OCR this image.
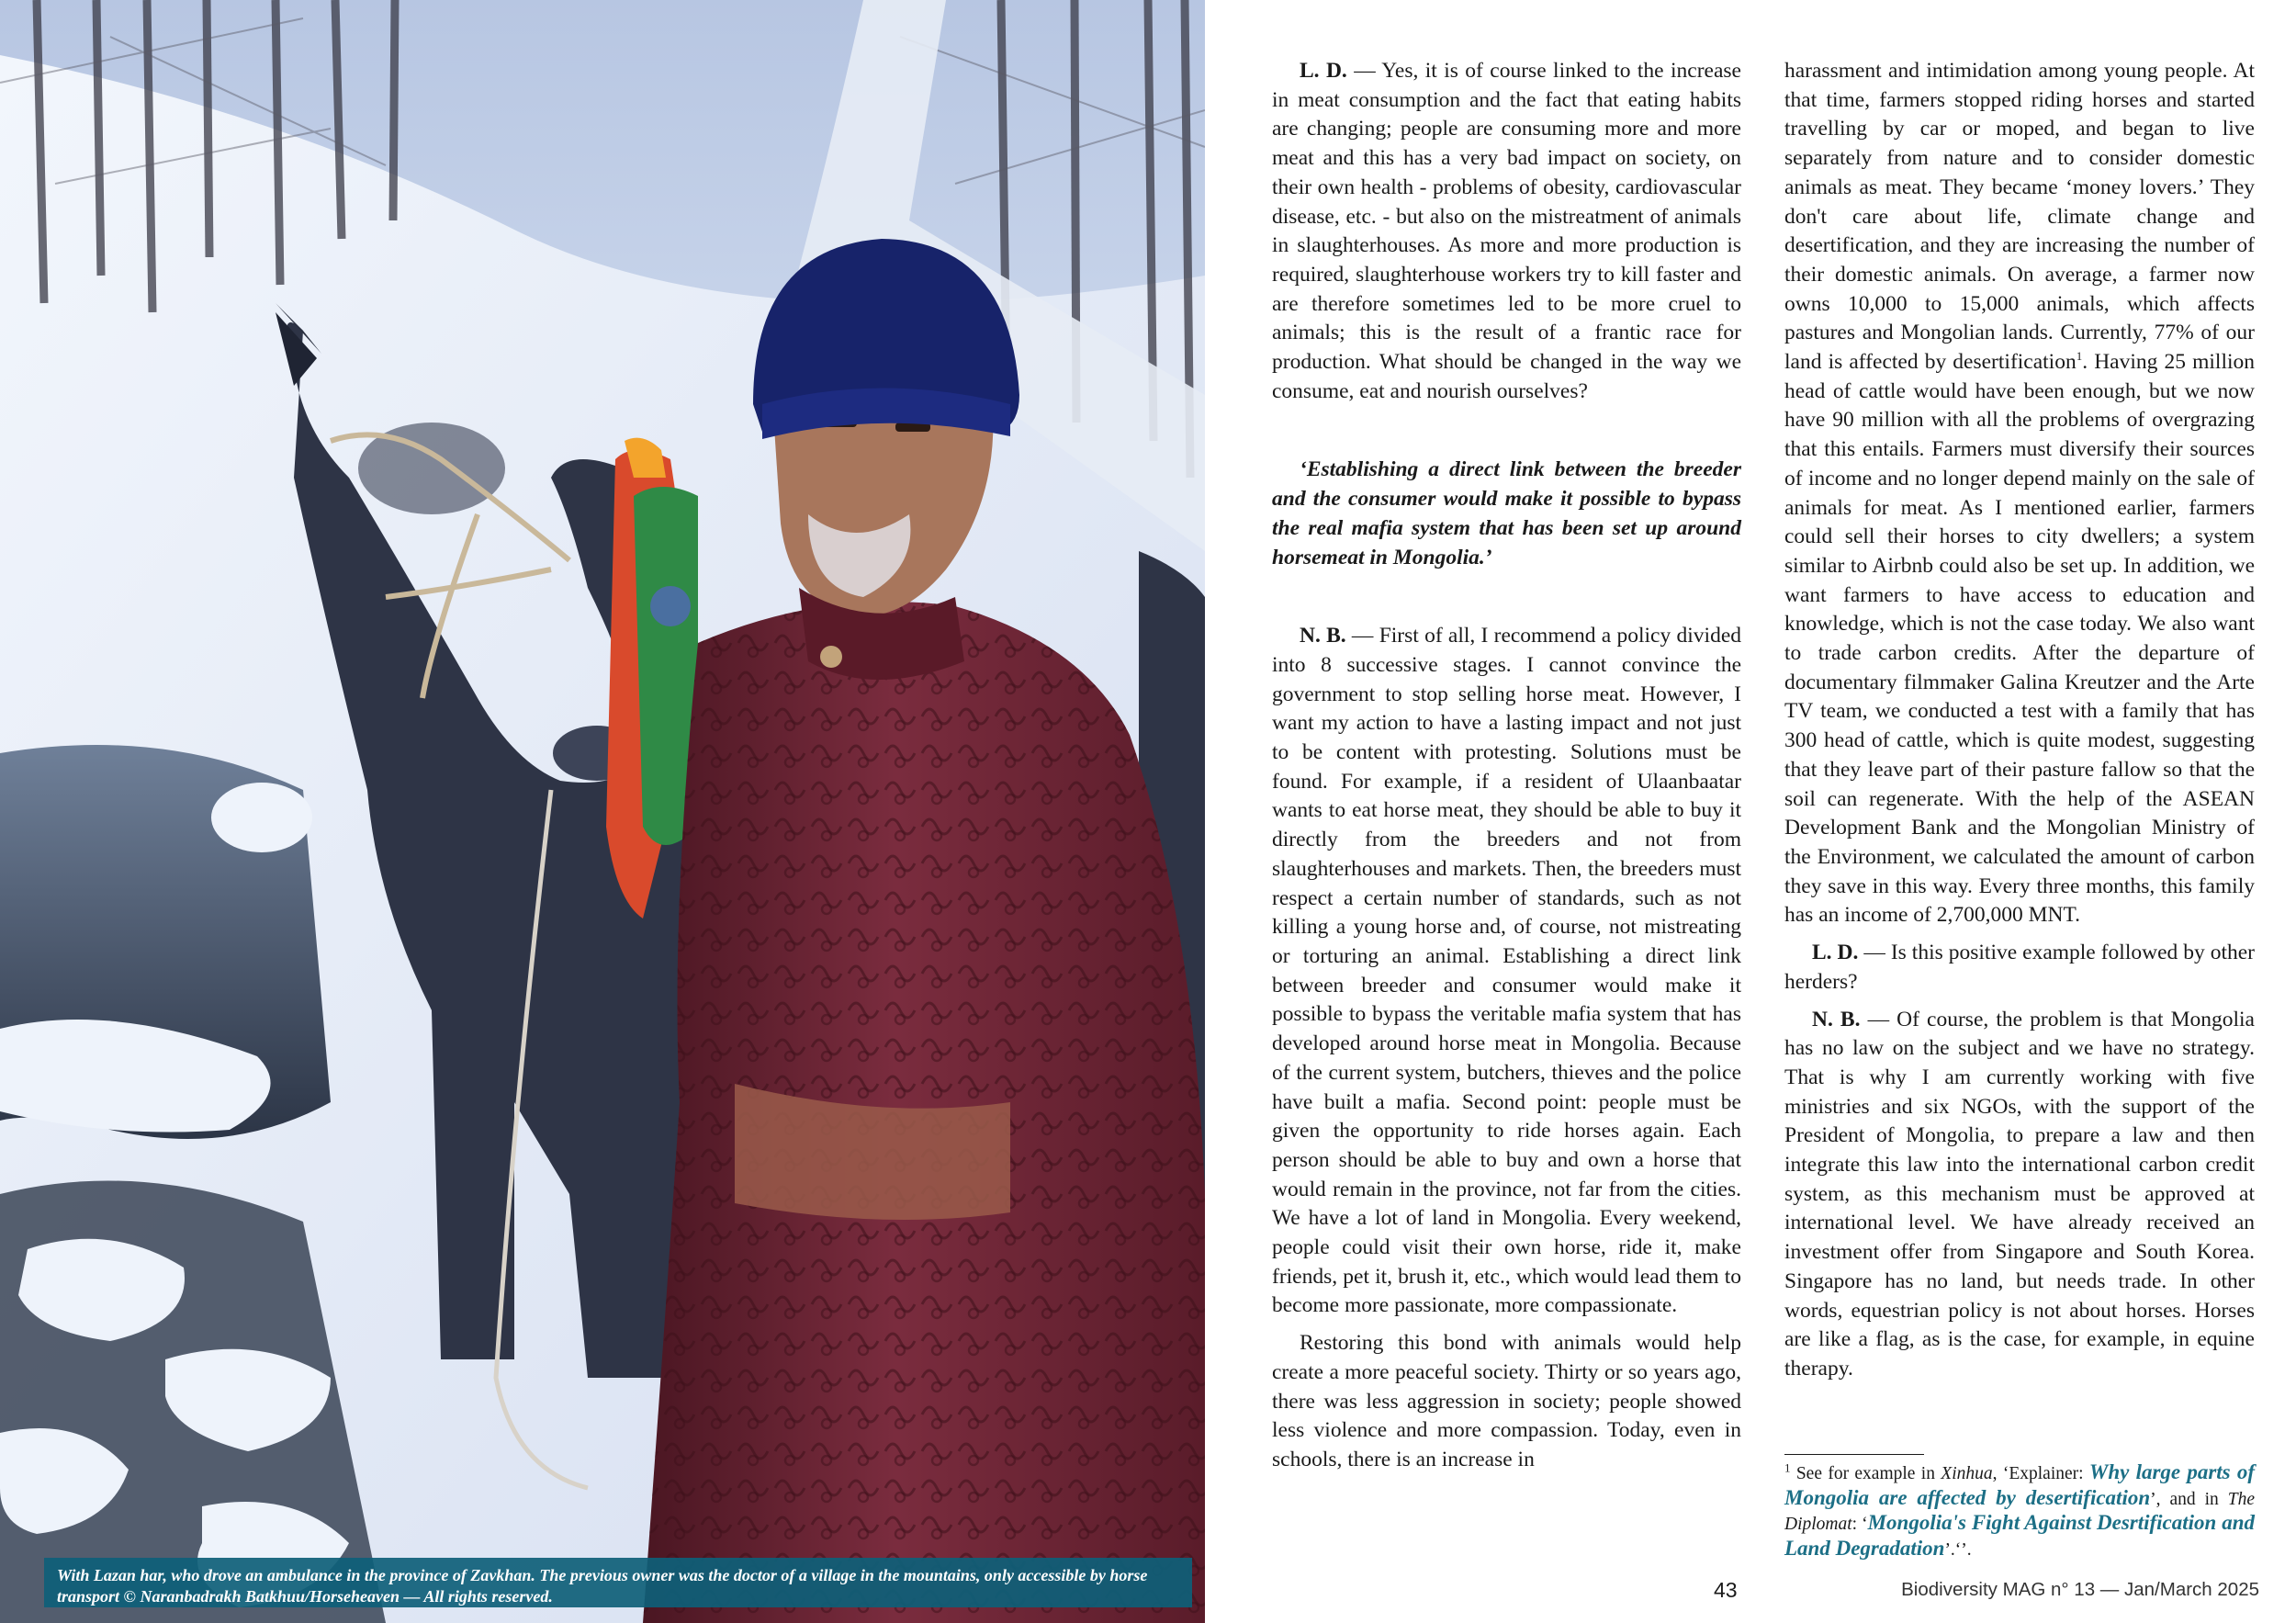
With Lazan har, who drove an ambulance in the province of Zavkhan. The previous owner was the doctor of a village in the mountains, only accessible by horse transport © Naranbadrakh Batkhuu/Horseheaven — All rights reserved.

L. D. — Yes, it is of course linked to the increase in meat consumption and the fact that eating habits are changing; people are consuming more and more meat and this has a very bad impact on society, on their own health - problems of obesity, cardiovascular disease, etc. - but also on the mistreatment of animals in slaughterhouses. As more and more production is required, slaughterhouse workers try to kill faster and are therefore sometimes led to be more cruel to animals; this is the result of a frantic race for production. What should be changed in the way we consume, eat and nourish ourselves?

‘Establishing a direct link between the breeder and the consumer would make it possible to bypass the real mafia system that has been set up around horsemeat in Mongolia.’

N. B. — First of all, I recommend a policy divided into 8 successive stages. I cannot convince the government to stop selling horse meat. However, I want my action to have a lasting impact and not just to be content with protesting. Solutions must be found. For example, if a resident of Ulaanbaatar wants to eat horse meat, they should be able to buy it directly from the breeders and not from slaughterhouses and markets. Then, the breeders must respect a certain number of standards, such as not killing a young horse and, of course, not mistreating or torturing an animal. Establishing a direct link between breeder and consumer would make it possible to bypass the veritable mafia system that has developed around horse meat in Mongolia. Because of the current system, butchers, thieves and the police have built a mafia. Second point: people must be given the opportunity to ride horses again. Each person should be able to buy and own a horse that would remain in the province, not far from the cities. We have a lot of land in Mongolia. Every weekend, people could visit their own horse, ride it, make friends, pet it, brush it, etc., which would lead them to become more passionate, more compassionate.

Restoring this bond with animals would help create a more peaceful society. Thirty or so years ago, there was less aggression in society; people showed less violence and more compassion. Today, even in schools, there is an increase in

harassment and intimidation among young people. At that time, farmers stopped riding horses and started travelling by car or moped, and began to live separately from nature and to consider domestic animals as meat. They became ‘money lovers.’ They don't care about life, climate change and desertification, and they are increasing the number of their domestic animals. On average, a farmer now owns 10,000 to 15,000 animals, which affects pastures and Mongolian lands. Currently, 77% of our land is affected by desertification$^1$. Having 25 million head of cattle would have been enough, but we now have 90 million with all the problems of overgrazing that this entails. Farmers must diversify their sources of income and no longer depend mainly on the sale of animals for meat. As I mentioned earlier, farmers could sell their horses to city dwellers; a system similar to Airbnb could also be set up. In addition, we want farmers to have access to education and knowledge, which is not the case today. We also want to trade carbon credits. After the departure of documentary filmmaker Galina Kreutzer and the Arte TV team, we conducted a test with a family that has 300 head of cattle, which is quite modest, suggesting that they leave part of their pasture fallow so that the soil can regenerate. With the help of the ASEAN Development Bank and the Mongolian Ministry of the Environment, we calculated the amount of carbon they save in this way. Every three months, this family has an income of 2,700,000 MNT.

L. D. — Is this positive example followed by other herders?

N. B. — Of course, the problem is that Mongolia has no law on the subject and we have no strategy. That is why I am currently working with five ministries and six NGOs, with the support of the President of Mongolia, to prepare a law and then integrate this law into the international carbon credit system, as this mechanism must be approved at international level. We have already received an investment offer from Singapore and South Korea. Singapore has no land, but needs trade. In other words, equestrian policy is not about horses. Horses are like a flag, as is the case, for example, in equine therapy.

$^1$ See for example in Xinhua, ‘Explainer: Why large parts of Mongolia are affected by desertification’, and in The Diplomat: ‘Mongolia's Fight Against Desrtification and Land Degradation’.‘’.

43	Biodiversity MAG n° 13 — Jan/March 2025
